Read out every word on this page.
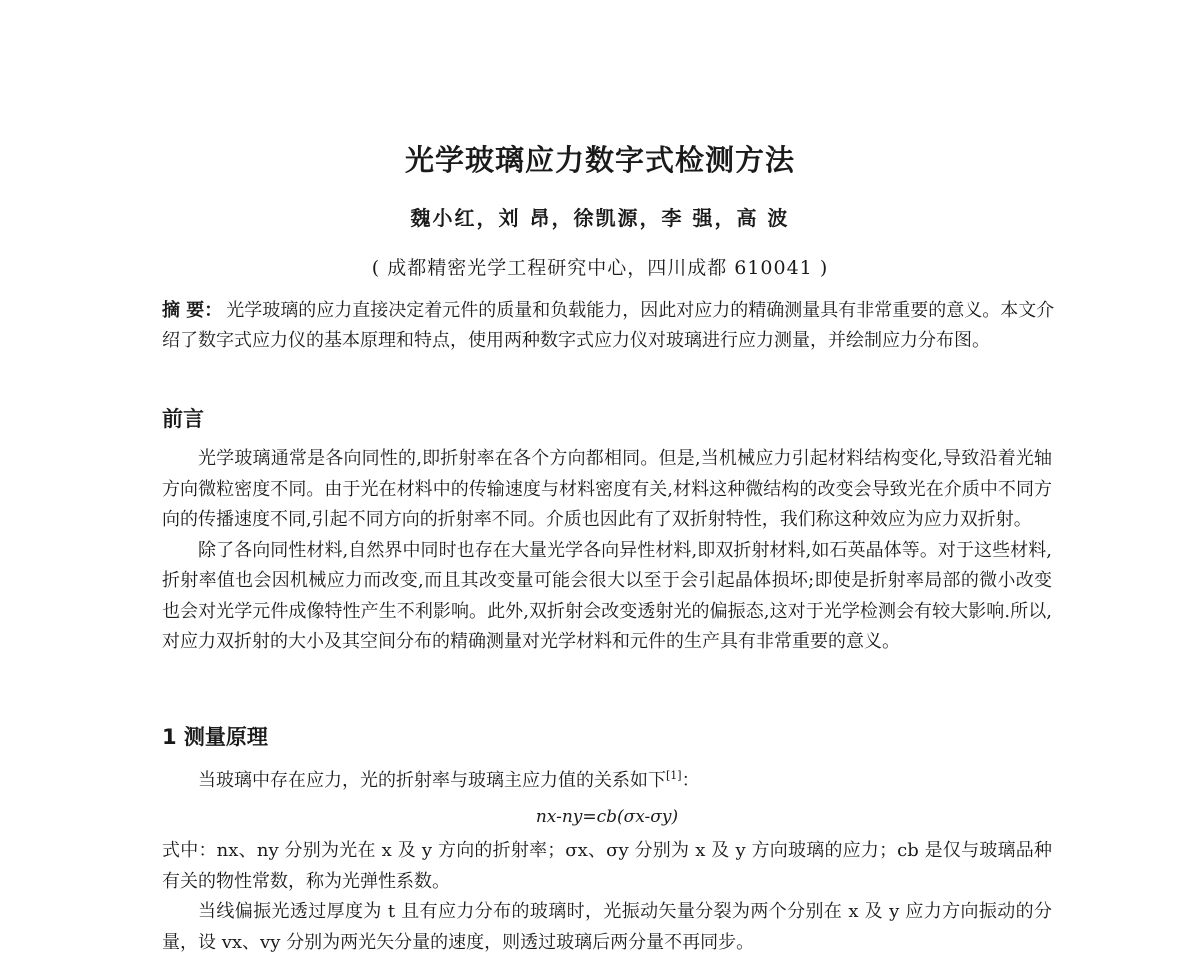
光学玻璃应力数字式检测方法
魏小红，刘 昂，徐凯源，李 强，高 波
( 成都精密光学工程研究中心，四川成都 610041 )
摘 要： 光学玻璃的应力直接决定着元件的质量和负载能力，因此对应力的精确测量具有非常重要的意义。本文介绍了数字式应力仪的基本原理和特点，使用两种数字式应力仪对玻璃进行应力测量，并绘制应力分布图。
前言

光学玻璃通常是各向同性的,即折射率在各个方向都相同。但是,当机械应力引起材料结构变化,导致沿着光轴方向微粒密度不同。由于光在材料中的传输速度与材料密度有关,材料这种微结构的改变会导致光在介质中不同方向的传播速度不同,引起不同方向的折射率不同。介质也因此有了双折射特性，我们称这种效应为应力双折射。

除了各向同性材料,自然界中同时也存在大量光学各向异性材料,即双折射材料,如石英晶体等。对于这些材料,折射率值也会因机械应力而改变,而且其改变量可能会很大以至于会引起晶体损坏;即使是折射率局部的微小改变也会对光学元件成像特性产生不利影响。此外,双折射会改变透射光的偏振态,这对于光学检测会有较大影响.所以,对应力双折射的大小及其空间分布的精确测量对光学材料和元件的生产具有非常重要的意义。

1 测量原理

当玻璃中存在应力，光的折射率与玻璃主应力值的关系如下[1]：

nx-ny=cb(σx-σy)

式中：nx、ny 分别为光在 x 及 y 方向的折射率；σx、σy 分别为 x 及 y 方向玻璃的应力；cb 是仅与玻璃品种有关的物性常数，称为光弹性系数。

当线偏振光透过厚度为 t 且有应力分布的玻璃时，光振动矢量分裂为两个分别在 x 及 y 应力方向振动的分量，设 vx、vy 分别为两光矢分量的速度，则透过玻璃后两分量不再同步。
